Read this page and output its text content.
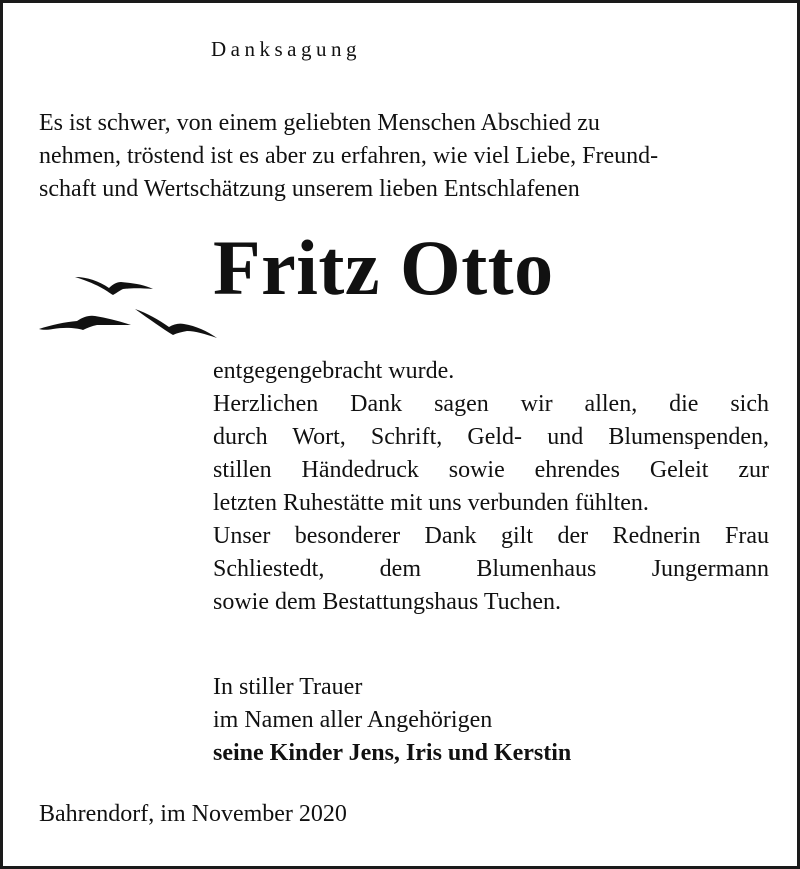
Danksagung

Es ist schwer, von einem geliebten Menschen Abschied zu

nehmen, tröstend ist es aber zu erfahren, wie viel Liebe, Freund-

schaft und Wertschätzung unserem lieben Entschlafenen

Fritz Otto

entgegengebracht wurde.

Herzlichen Dank sagen wir allen, die sich

durch Wort, Schrift, Geld- und Blumenspenden,

stillen Händedruck sowie ehrendes Geleit zur

letzten Ruhestätte mit uns verbunden fühlten.

Unser besonderer Dank gilt der Rednerin Frau

Schliestedt, dem Blumenhaus Jungermann

sowie dem Bestattungshaus Tuchen.

In stiller Trauer
im Namen aller Angehörigen
seine Kinder Jens, Iris und Kerstin
Bahrendorf, im November 2020
